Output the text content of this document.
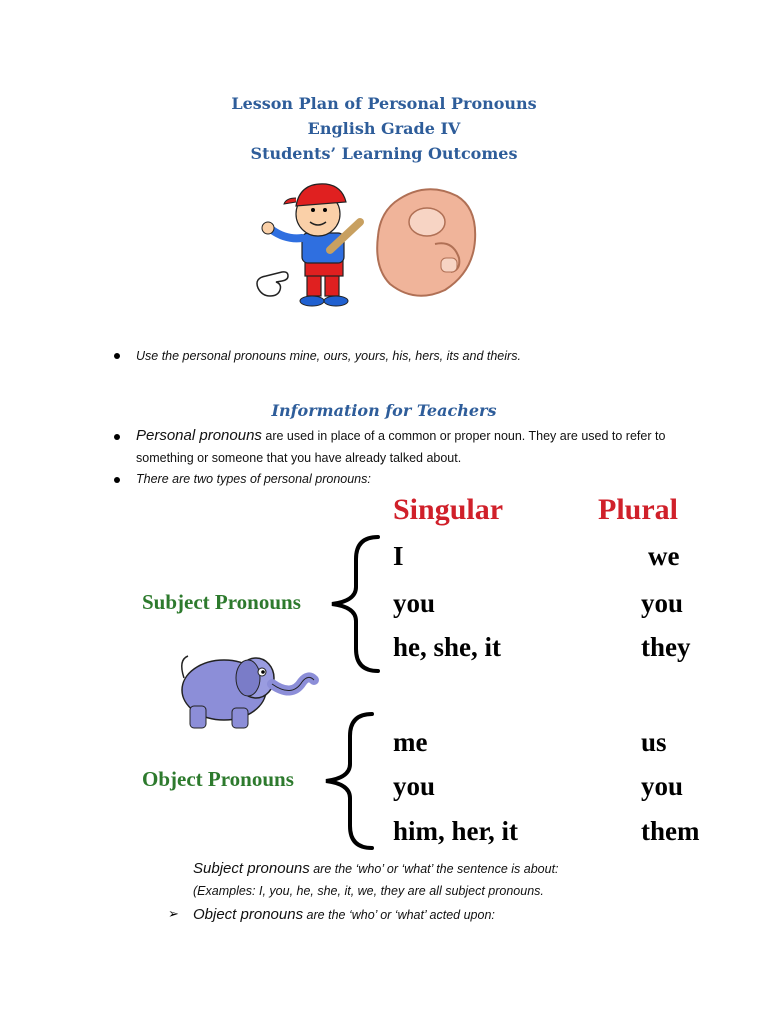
Lesson Plan of Personal Pronouns
English Grade IV
Students’ Learning Outcomes
Use the personal pronouns mine, ours, yours, his, hers, its and theirs.
Information for Teachers
Personal pronouns are used in place of a common or proper noun. They are used to refer to
something or someone that you have already talked about.
There are two types of personal pronouns:
Singular	Plural
Subject Pronouns
I
you
he, she, it
we
you
they
Object Pronouns
me
you
him, her, it
us
you
them
Subject pronouns are the ‘who’ or ‘what’ the sentence is about:
(Examples: I, you, he, she, it, we, they are all subject pronouns.
➢ Object pronouns are the ‘who’ or ‘what’ acted upon:
